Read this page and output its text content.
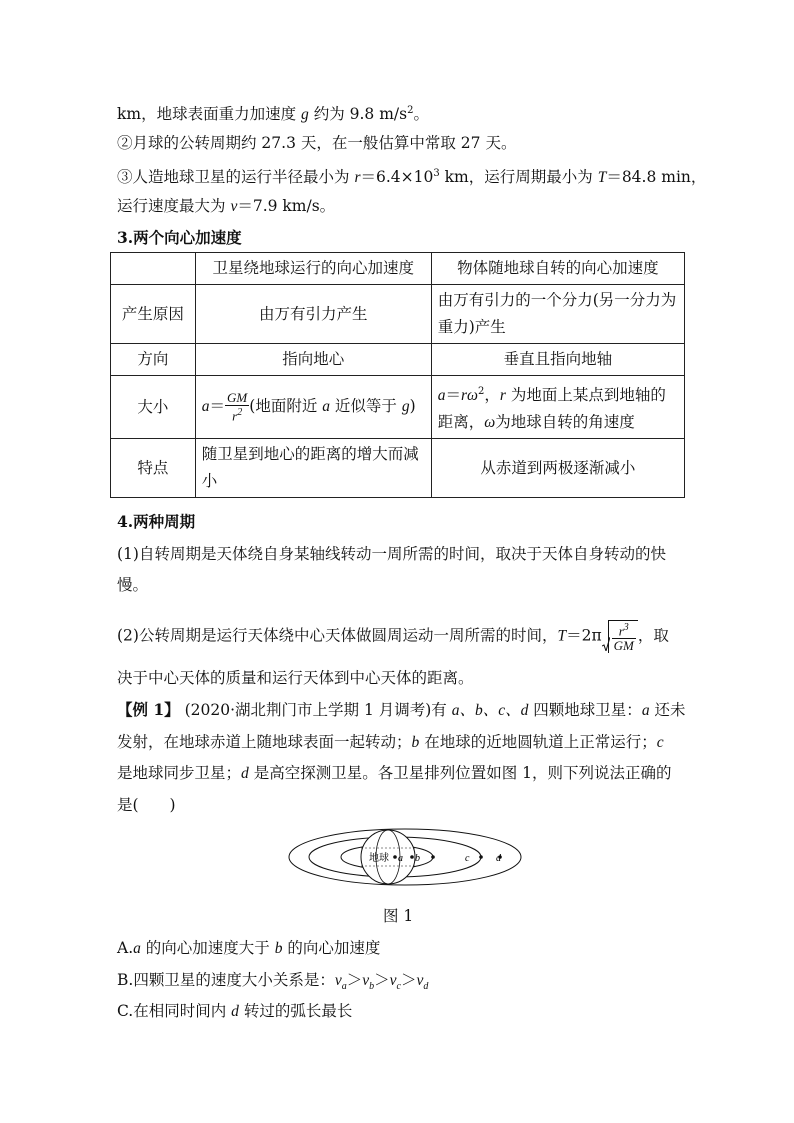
km，地球表面重力加速度 g 约为 9.8 $m/s^2$。
②月球的公转周期约 27.3 天，在一般估算中常取 27 天。
③人造地球卫星的运行半径最小为 $r=6.4\times 10^3$ km，运行周期最小为 T＝84.8 min，
运行速度最大为 v＝7.9 km/s。
3.两个向心加速度
	卫星绕地球运行的向心加速度	物体随地球自转的向心加速度
产生原因	由万有引力产生	由万有引力的一个分力(另一分力为重力)产生
方向	指向地心	垂直且指向地轴
大小	$a= \frac{GM}{r^2}$ (地面附近 a 近似等于 g)	$a=r\omega^2$，r 为地面上某点到地轴的距离，ω为地球自转的角速度
特点	随卫星到地心的距离的增大而减小	从赤道到两极逐渐减小
4.两种周期
(1)自转周期是天体绕自身某轴线转动一周所需的时间，取决于天体自身转动的快
慢。
(2)公转周期是运行天体绕中心天体做圆周运动一周所需的时间，$T=2\pi \frac{r^3}{GM}$ ，取
决于中心天体的质量和运行天体到中心天体的距离。
【例 1】 (2020·湖北荆门市上学期 1 月调考)有 a、b、c、d 四颗地球卫星：a 还未
发射，在地球赤道上随地球表面一起转动；b 在地球的近地圆轨道上正常运行；c
是地球同步卫星；d 是高空探测卫星。各卫星排列位置如图 1，则下列说法正确的
是(　　)
地球 a b	c	d
图 1
A.a 的向心加速度大于 b 的向心加速度
B.四颗卫星的速度大小关系是：$v_a>v_b>v_c>v_d$
C.在相同时间内 d 转过的弧长最长
